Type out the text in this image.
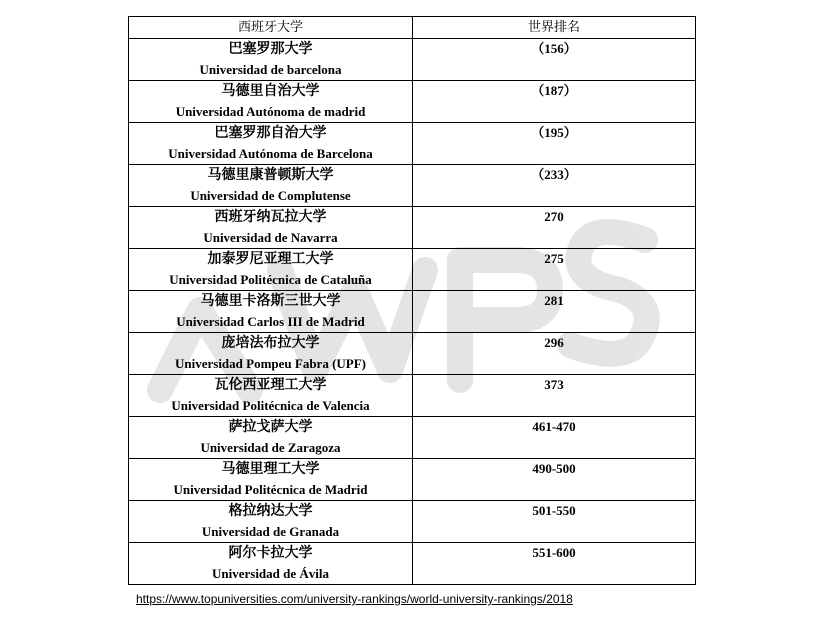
西班牙大学	世界排名

巴塞罗那大学
Universidad de barcelona	（156）

马德里自治大学
Universidad Autónoma de madrid	（187）

巴塞罗那自治大学
Universidad Autónoma de Barcelona	（195）

马德里康普顿斯大学
Universidad de Complutense	（233）

西班牙纳瓦拉大学
Universidad de Navarra	270

加泰罗尼亚理工大学
Universidad Politécnica de Cataluña	275

马德里卡洛斯三世大学
Universidad Carlos III de Madrid	281

庞培法布拉大学
Universidad Pompeu Fabra (UPF)	296

瓦伦西亚理工大学
Universidad Politécnica de Valencia	373

萨拉戈萨大学
Universidad de Zaragoza	461-470

马德里理工大学
Universidad Politécnica de Madrid	490-500

格拉纳达大学
Universidad de Granada	501-550

阿尔卡拉大学
Universidad de Ávila	551-600
https://www.topuniversities.com/university-rankings/world-university-rankings/2018
